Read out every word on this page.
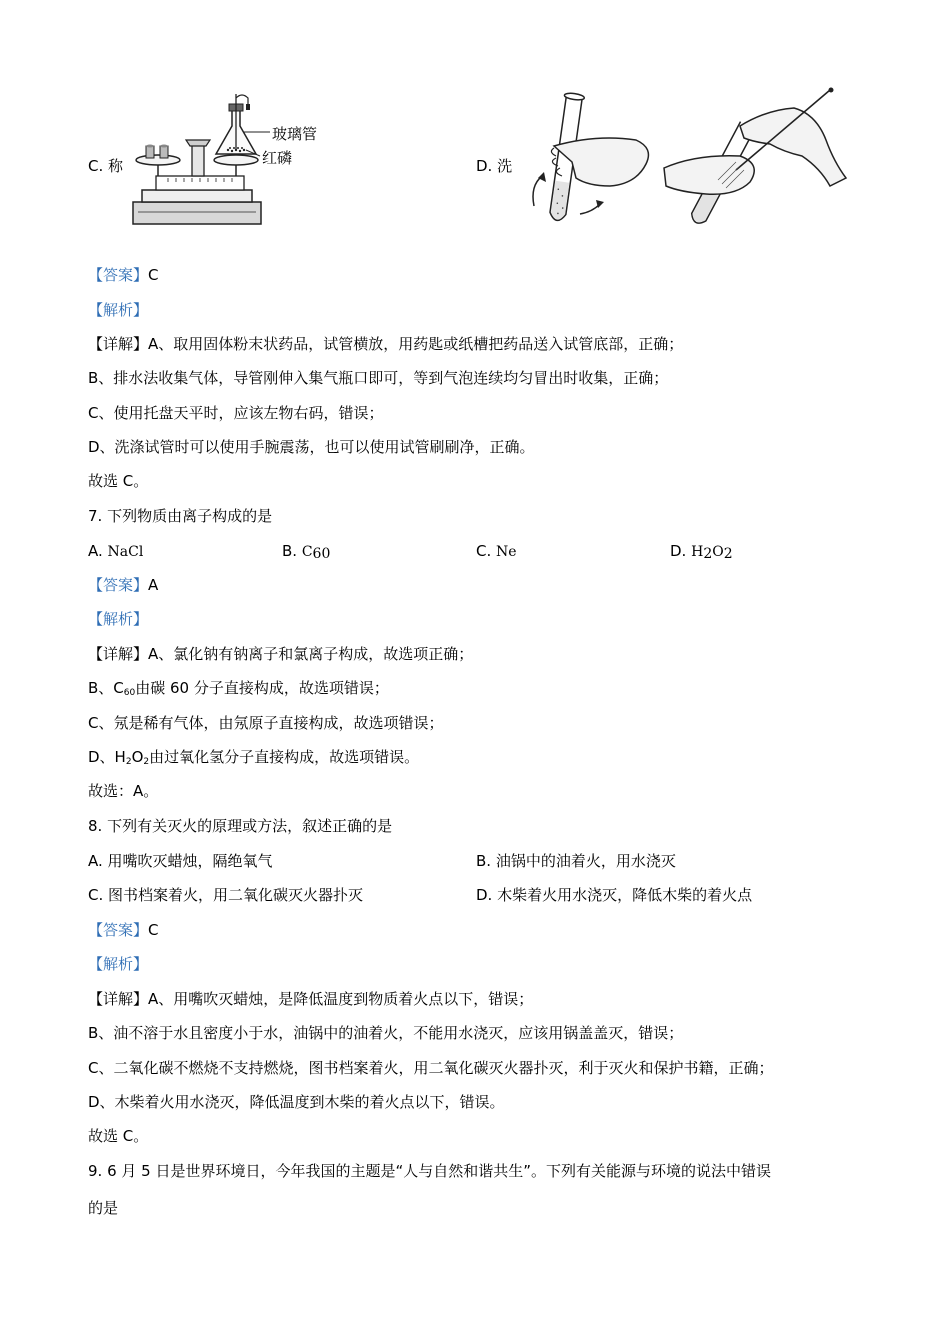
C. 称
玻璃管
红磷	D. 洗
【答案】C
【解析】
【详解】A、取用固体粉末状药品，试管横放，用药匙或纸槽把药品送入试管底部，正确；
B、排水法收集气体，导管刚伸入集气瓶口即可，等到气泡连续均匀冒出时收集，正确；
C、使用托盘天平时，应该左物右码，错误；
D、洗涤试管时可以使用手腕震荡，也可以使用试管刷刷净，正确。
故选 C。
7. 下列物质由离子构成的是
A. NaCl	B. $C_{60}$	C. Ne	D. $H_2O_2$
【答案】A
【解析】
【详解】A、氯化钠有钠离子和氯离子构成，故选项正确；
B、$C_{60}$由碳 60 分子直接构成，故选项错误；
C、氖是稀有气体，由氖原子直接构成，故选项错误；
D、$H_2O_2$由过氧化氢分子直接构成，故选项错误。
故选：A。
8. 下列有关灭火的原理或方法，叙述正确的是
A. 用嘴吹灭蜡烛，隔绝氧气	B. 油锅中的油着火，用水浇灭
C. 图书档案着火，用二氧化碳灭火器扑灭	D. 木柴着火用水浇灭，降低木柴的着火点
【答案】C
【解析】
【详解】A、用嘴吹灭蜡烛，是降低温度到物质着火点以下，错误；
B、油不溶于水且密度小于水，油锅中的油着火，不能用水浇灭，应该用锅盖盖灭，错误；
C、二氧化碳不燃烧不支持燃烧，图书档案着火，用二氧化碳灭火器扑灭，利于灭火和保护书籍，正确；
D、木柴着火用水浇灭，降低温度到木柴的着火点以下，错误。
故选 C。
9. 6 月 5 日是世界环境日，今年我国的主题是“人与自然和谐共生”。下列有关能源与环境的说法中错误
的是
